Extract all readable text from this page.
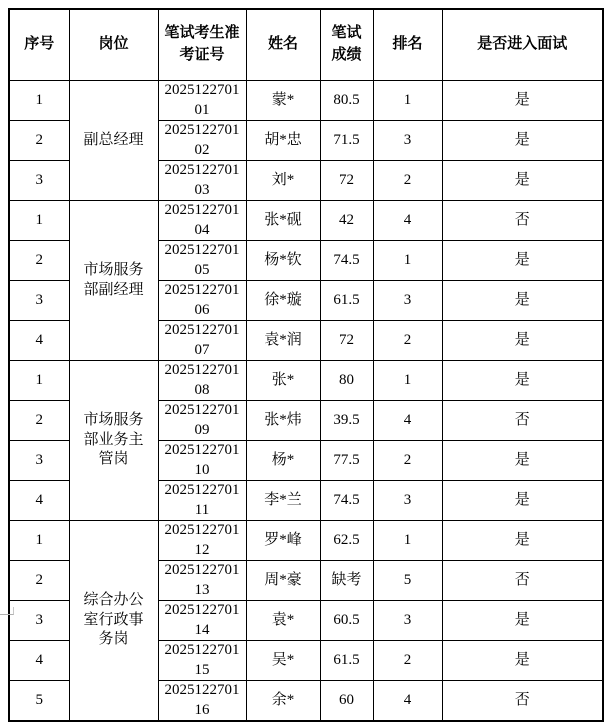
序号	岗位	笔试考生准考证号	姓名	笔试成绩	排名	是否进入面试
1	副总经理	202512270101	蒙*	80.5	1	是
2		202512270102	胡*忠	71.5	3	是
3		202512270103	刘*	72	2	是
1	市场服务部副经理	202512270104	张*砚	42	4	否
2		202512270105	杨*钦	74.5	1	是
3		202512270106	徐*璇	61.5	3	是
4		202512270107	袁*润	72	2	是
1	市场服务部业务主管岗	202512270108	张*	80	1	是
2		202512270109	张*炜	39.5	4	否
3		202512270110	杨*	77.5	2	是
4		202512270111	李*兰	74.5	3	是
1	综合办公室行政事务岗	202512270112	罗*峰	62.5	1	是
2		202512270113	周*豪	缺考	5	否
3		202512270114	袁*	60.5	3	是
4		202512270115	吴*	61.5	2	是
5		202512270116	余*	60	4	否
